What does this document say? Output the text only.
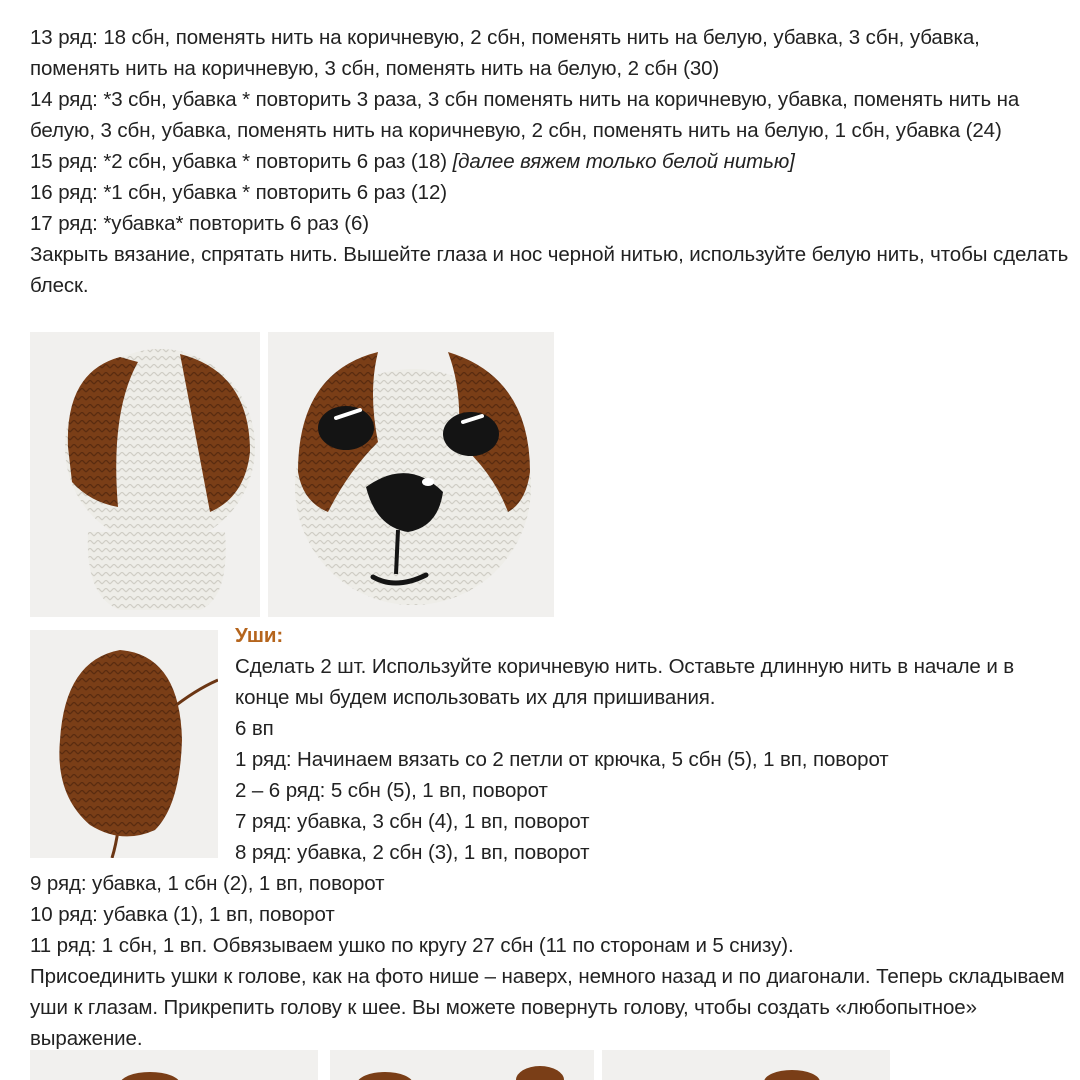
13 ряд: 18 сбн, поменять нить на коричневую, 2 сбн, поменять нить на белую, убавка, 3 сбн, убавка, поменять нить на коричневую, 3 сбн, поменять нить на белую, 2 сбн (30)

14 ряд: *3 сбн, убавка * повторить 3 раза, 3 сбн поменять нить на коричневую, убавка, поменять нить на белую, 3 сбн, убавка, поменять нить на коричневую, 2 сбн, поменять нить на белую, 1 сбн, убавка (24)

15 ряд: *2 сбн, убавка * повторить 6 раз (18) [далее вяжем только белой нитью]

16 ряд: *1 сбн, убавка * повторить 6 раз (12)

17 ряд: *убавка* повторить 6 раз (6)

Закрыть вязание, спрятать нить. Вышейте глаза и нос черной нитью, используйте белую нить, чтобы сделать блеск.

Уши:

Сделать 2 шт. Используйте коричневую нить. Оставьте длинную нить в начале и в конце мы будем использовать их для пришивания.

6 вп

1 ряд: Начинаем вязать со 2 петли от крючка, 5 сбн (5), 1 вп, поворот

2 – 6 ряд: 5 сбн (5), 1 вп, поворот

7 ряд: убавка, 3 сбн (4), 1 вп, поворот

8 ряд: убавка, 2 сбн (3), 1 вп, поворот

9 ряд: убавка, 1 сбн (2), 1 вп, поворот

10 ряд: убавка (1), 1 вп, поворот

11 ряд: 1 сбн, 1 вп. Обвязываем ушко по кругу 27 сбн (11 по сторонам и 5 снизу).

Присоединить ушки к голове, как на фото нише – наверх, немного назад и по диагонали. Теперь складываем уши к глазам. Прикрепить голову к шее. Вы можете повернуть голову, чтобы создать «любопытное» выражение.
